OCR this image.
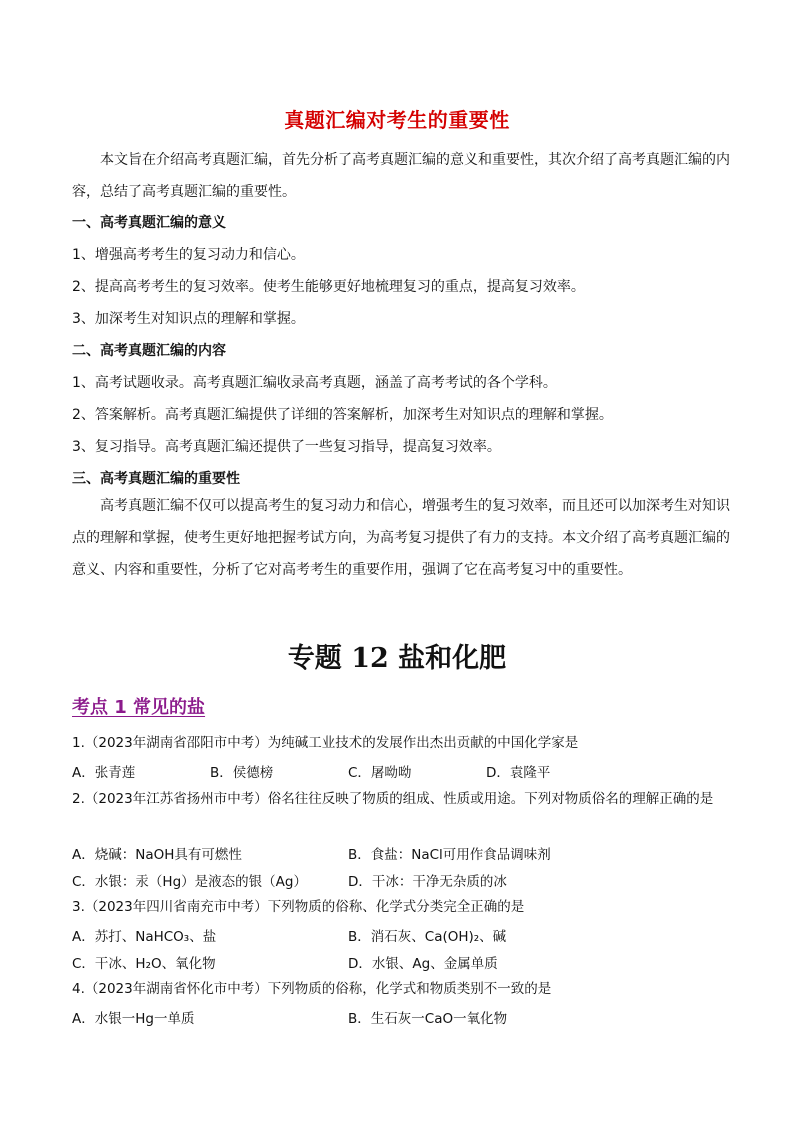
真题汇编对考生的重要性
本文旨在介绍高考真题汇编，首先分析了高考真题汇编的意义和重要性，其次介绍了高考真题汇编的内容，总结了高考真题汇编的重要性。
一、高考真题汇编的意义
1、增强高考考生的复习动力和信心。
2、提高高考考生的复习效率。使考生能够更好地梳理复习的重点，提高复习效率。
3、加深考生对知识点的理解和掌握。
二、高考真题汇编的内容
1、高考试题收录。高考真题汇编收录高考真题，涵盖了高考考试的各个学科。
2、答案解析。高考真题汇编提供了详细的答案解析，加深考生对知识点的理解和掌握。
3、复习指导。高考真题汇编还提供了一些复习指导，提高复习效率。
三、高考真题汇编的重要性
高考真题汇编不仅可以提高考生的复习动力和信心，增强考生的复习效率，而且还可以加深考生对知识点的理解和掌握，使考生更好地把握考试方向，为高考复习提供了有力的支持。本文介绍了高考真题汇编的意义、内容和重要性，分析了它对高考考生的重要作用，强调了它在高考复习中的重要性。
专题 12 盐和化肥
考点 1 常见的盐
1.（2023年湖南省邵阳市中考）为纯碱工业技术的发展作出杰出贡献的中国化学家是
A．张青莲	B．侯德榜	C．屠呦呦	D．袁隆平
2.（2023年江苏省扬州市中考）俗名往往反映了物质的组成、性质或用途。下列对物质俗名的理解正确的是
A．烧碱：NaOH具有可燃性	B．食盐：NaCl可用作食品调味剂
C．水银：汞（Hg）是液态的银（Ag）	D．干冰：干净无杂质的冰
3.（2023年四川省南充市中考）下列物质的俗称、化学式分类完全正确的是
A．苏打、NaHCO₃、盐	B．消石灰、Ca(OH)₂、碱
C．干冰、H₂O、氧化物	D．水银、Ag、金属单质
4.（2023年湖南省怀化市中考）下列物质的俗称，化学式和物质类别不一致的是
A．水银一Hg一单质	B．生石灰一CaO一氧化物
